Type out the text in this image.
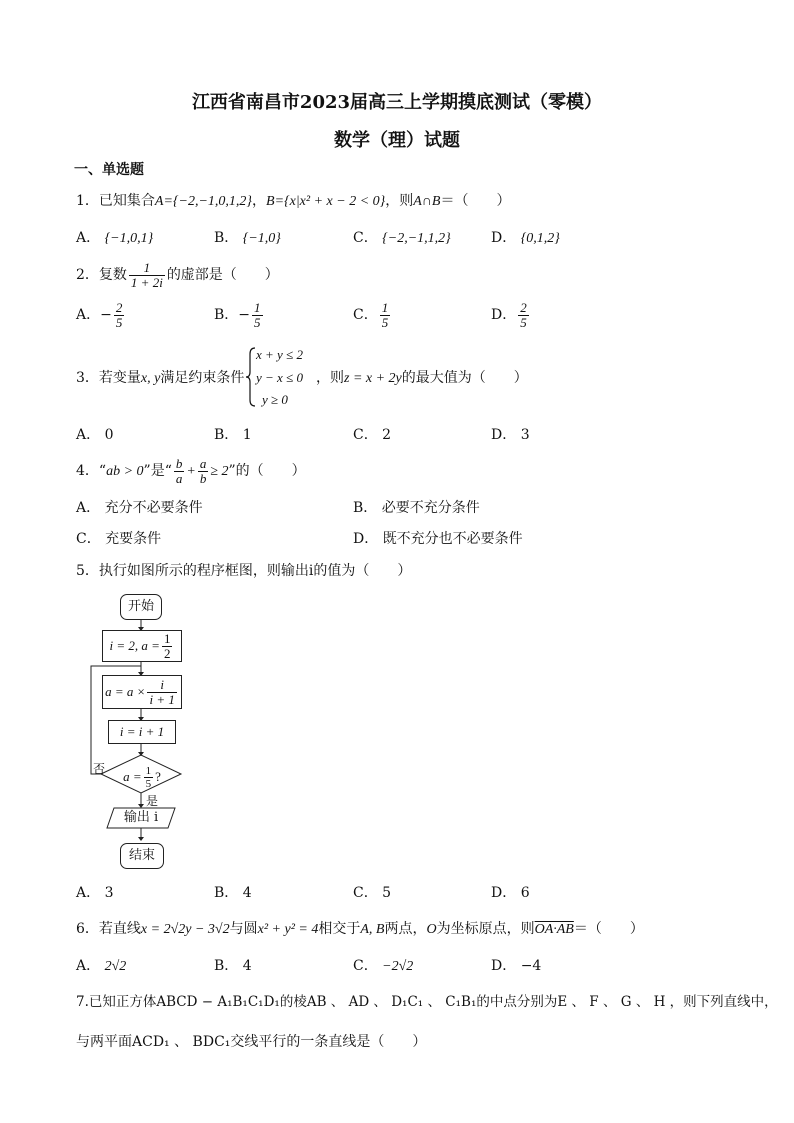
江西省南昌市2023届高三上学期摸底测试（零模）
数学（理）试题
一、单选题
1．已知集合A={−2,−1,0,1,2}，B={x|x² + x − 2 < 0}，则A∩B＝（　　）
A． {−1,0,1}	B． {−1,0}	C． {−2,−1,1,2}	D． {0,1,2}
2．复数 $\frac{1}{1 + 2i}$ 的虚部是（　　）
A．− $\frac{2}{5}$	B．− $\frac{1}{5}$	C． $\frac{1}{5}$	D． $\frac{2}{5}$
3．若变量x, y满足约束条件
x + y ≤ 2
y − x ≤ 0
y ≥ 0
，则z = x + 2y的最大值为（　　）
A． 0	B． 1	C． 2	D． 3
4．“ab > 0”是“ $\frac{b}{a} + \frac{a}{b} \ge 2$”的（　　）
A． 充分不必要条件	B． 必要不充分条件
C． 充要条件	D． 既不充分也不必要条件
5．执行如图所示的程序框图，则输出i的值为（　　）
开始
i = 2, $a = \frac{1}{2}$
$a = a \times \frac{i}{i + 1}$
i = i + 1
$a = \frac{1}{5}$ ?
否
是
输出 i
结束
A． 3	B． 4	C． 5	D． 6
6．若直线x = 2√2y − 3√2与圆x² + y² = 4相交于A, B两点，O为坐标原点，则OA·AB＝（　　）
A． 2√2	B． 4	C． −2√2	D． −4
7.已知正方体ABCD − A₁B₁C₁D₁的棱AB 、 AD 、 D₁C₁ 、 C₁B₁的中点分别为E 、 F 、 G 、 H ，则下列直线中，
与两平面ACD₁ 、 BDC₁交线平行的一条直线是（　　）
